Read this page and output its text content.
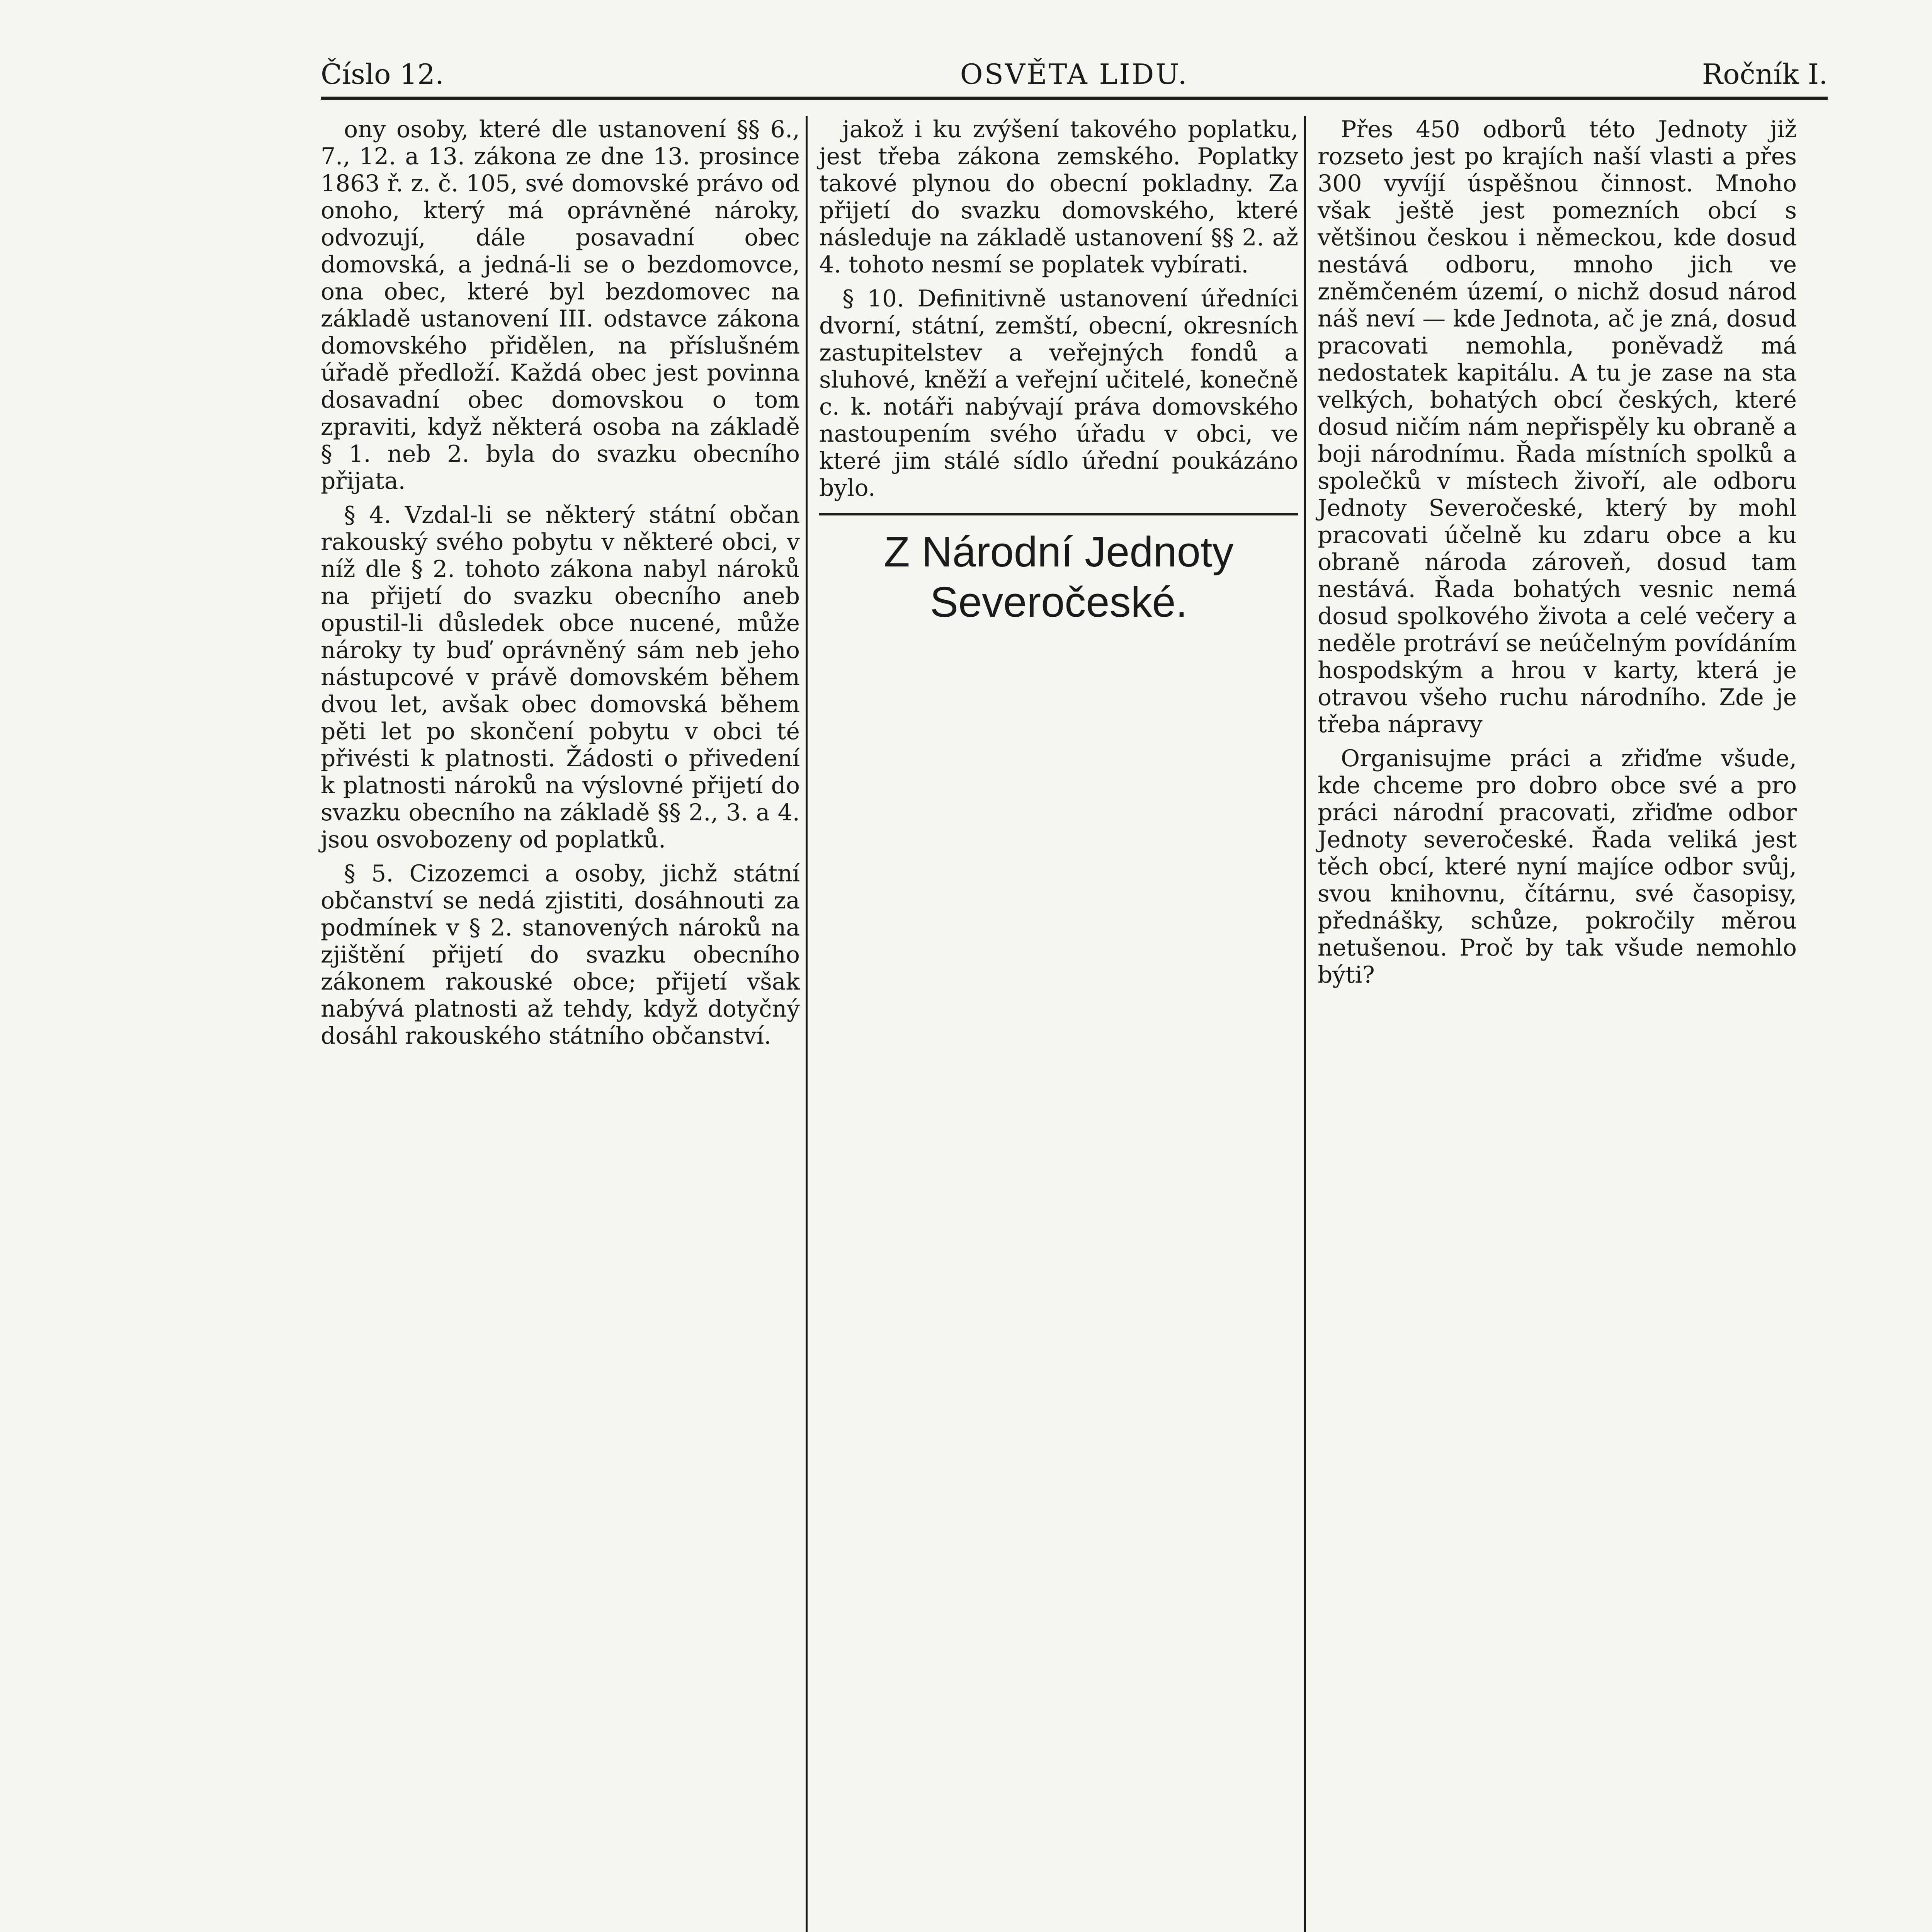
Číslo 12.	OSVĚTA LIDU.	Ročník I.

ony osoby, které dle ustanovení §§ 6., 7., 12. a 13. zákona ze dne 13. prosince 1863 ř. z. č. 105, své domovské právo od onoho, který má oprávněné nároky, odvozují, dále posavadní obec domovská, a jedná-li se o bezdomovce, ona obec, které byl bezdomovec na základě ustanovení III. odstavce zákona domovského přidělen, na příslušném úřadě předloží. Každá obec jest povinna dosavadní obec domovskou o tom zpraviti, když některá osoba na základě § 1. neb 2. byla do svazku obecního přijata.

§ 4. Vzdal-li se některý státní občan rakouský svého pobytu v některé obci, v níž dle § 2. tohoto zákona nabyl nároků na přijetí do svazku obecního aneb opustil-li důsledek obce nucené, může nároky ty buď oprávněný sám neb jeho nástupcové v právě domovském během dvou let, avšak obec domovská během pěti let po skončení pobytu v obci té přivésti k platnosti. Žádosti o přivedení k platnosti nároků na výslovné přijetí do svazku obecního na základě §§ 2., 3. a 4. jsou osvobozeny od poplatků.

§ 5. Cizozemci a osoby, jichž státní občanství se nedá zjistiti, dosáhnouti za podmínek v § 2. stanovených nároků na zjištění přijetí do svazku obecního zákonem rakouské obce; přijetí však nabývá platnosti až tehdy, když dotyčný dosáhl rakouského státního občanství.

jakož i ku zvýšení takového poplatku, jest třeba zákona zemského. Poplatky takové plynou do obecní pokladny. Za přijetí do svazku domovského, které následuje na základě ustanovení §§ 2. až 4. tohoto nesmí se poplatek vybírati.

§ 10. Definitivně ustanovení úředníci dvorní, státní, zemští, obecní, okresních zastupitelstev a veřejných fondů a sluhové, kněží a veřejní učitelé, konečně c. k. notáři nabývají práva domovského nastoupením svého úřadu v obci, ve které jim stálé sídlo úřední poukázáno bylo.

Z Národní Jednoty Severočeské.

Přes 450 odborů této Jednoty již rozseto jest po krajích naší vlasti a přes 300 vyvíjí úspěšnou činnost. Mnoho však ještě jest pomezních obcí s většinou českou i německou, kde dosud nestává odboru, mnoho jich ve zněmčeném území, o nichž dosud národ náš neví — kde Jednota, ač je zná, dosud pracovati nemohla, poněvadž má nedostatek kapitálu. A tu je zase na sta velkých, bohatých obcí českých, které dosud ničím nám nepřispěly ku obraně a boji národnímu. Řada místních spolků a společků v místech živoří, ale odboru Jednoty Severočeské, který by mohl pracovati účelně ku zdaru obce a ku obraně národa zároveň, dosud tam nestává. Řada bohatých vesnic nemá dosud spolkového života a celé večery a neděle protráví se neúčelným povídáním hospodským a hrou v karty, která je otravou všeho ruchu národního. Zde je třeba nápravy

Organisujme práci a zřiďme všude, kde chceme pro dobro obce své a pro práci národní pracovati, zřiďme odbor Jednoty severočeské. Řada veliká jest těch obcí, které nyní majíce odbor svůj, svou knihovnu, čítárnu, své časopisy, přednášky, schůze, pokročily měrou netušenou. Proč by tak všude nemohlo býti?
